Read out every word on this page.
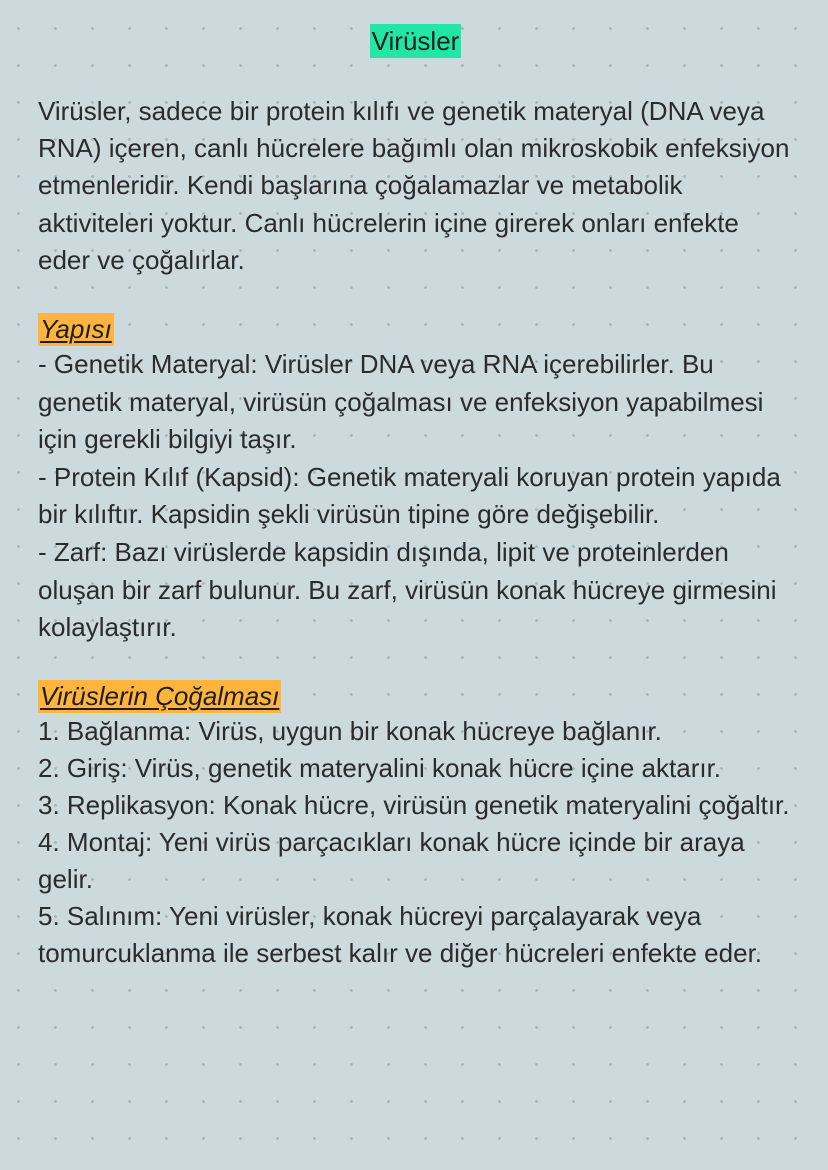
Virüsler

Virüsler, sadece bir protein kılıfı ve genetik materyal (DNA veya RNA) içeren, canlı hücrelere bağımlı olan mikroskobik enfeksiyon etmenleridir. Kendi başlarına çoğalamazlar ve metabolik aktiviteleri yoktur. Canlı hücrelerin içine girerek onları enfekte eder ve çoğalırlar.

Yapısı
- Genetik Materyal: Virüsler DNA veya RNA içerebilirler. Bu genetik materyal, virüsün çoğalması ve enfeksiyon yapabilmesi için gerekli bilgiyi taşır.
- Protein Kılıf (Kapsid): Genetik materyali koruyan protein yapıda bir kılıftır. Kapsidin şekli virüsün tipine göre değişebilir.
- Zarf: Bazı virüslerde kapsidin dışında, lipit ve proteinlerden oluşan bir zarf bulunur. Bu zarf, virüsün konak hücreye girmesini kolaylaştırır.
Virüslerin Çoğalması
1. Bağlanma: Virüs, uygun bir konak hücreye bağlanır.
2. Giriş: Virüs, genetik materyalini konak hücre içine aktarır.
3. Replikasyon: Konak hücre, virüsün genetik materyalini çoğaltır.
4. Montaj: Yeni virüs parçacıkları konak hücre içinde bir araya gelir.
5. Salınım: Yeni virüsler, konak hücreyi parçalayarak veya tomurcuklanma ile serbest kalır ve diğer hücreleri enfekte eder.
